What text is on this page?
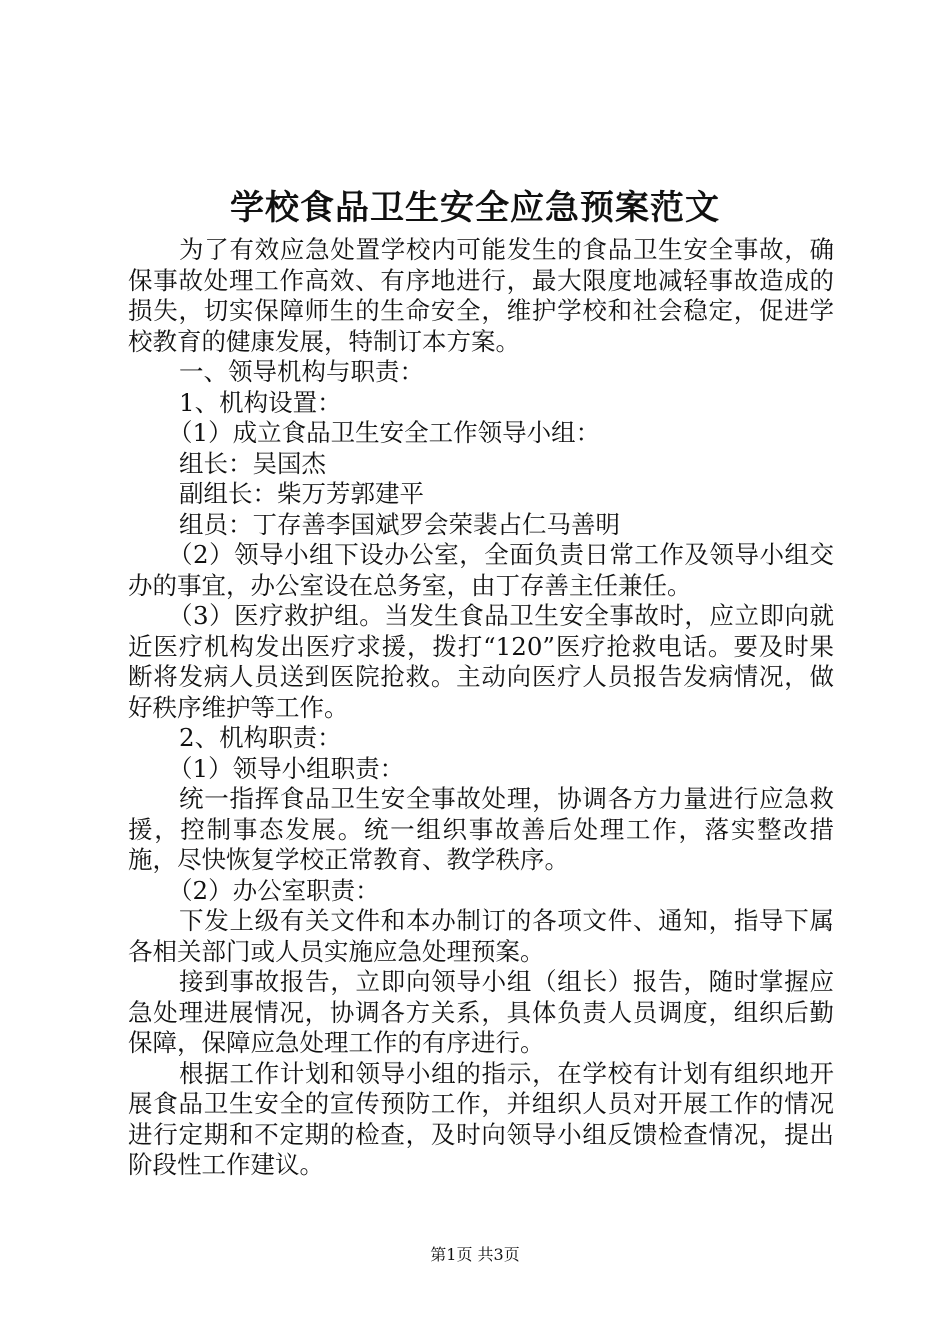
学校食品卫生安全应急预案范文

为了有效应急处置学校内可能发生的食品卫生安全事故，确保事故处理工作高效、有序地进行，最大限度地减轻事故造成的损失，切实保障师生的生命安全，维护学校和社会稳定，促进学校教育的健康发展，特制订本方案。

一、领导机构与职责：

1、机构设置：

（1）成立食品卫生安全工作领导小组：

组长：吴国杰

副组长：柴万芳郭建平

组员：丁存善李国斌罗会荣裴占仁马善明

（2）领导小组下设办公室，全面负责日常工作及领导小组交办的事宜，办公室设在总务室，由丁存善主任兼任。

（3）医疗救护组。当发生食品卫生安全事故时，应立即向就近医疗机构发出医疗求援，拨打“120”医疗抢救电话。要及时果断将发病人员送到医院抢救。主动向医疗人员报告发病情况，做好秩序维护等工作。

2、机构职责：

（1）领导小组职责：

统一指挥食品卫生安全事故处理，协调各方力量进行应急救援，控制事态发展。统一组织事故善后处理工作，落实整改措施，尽快恢复学校正常教育、教学秩序。

（2）办公室职责：

下发上级有关文件和本办制订的各项文件、通知，指导下属各相关部门或人员实施应急处理预案。

接到事故报告，立即向领导小组（组长）报告，随时掌握应急处理进展情况，协调各方关系，具体负责人员调度，组织后勤保障，保障应急处理工作的有序进行。

根据工作计划和领导小组的指示，在学校有计划有组织地开展食品卫生安全的宣传预防工作，并组织人员对开展工作的情况进行定期和不定期的检查，及时向领导小组反馈检查情况，提出阶段性工作建议。

第1页 共3页
